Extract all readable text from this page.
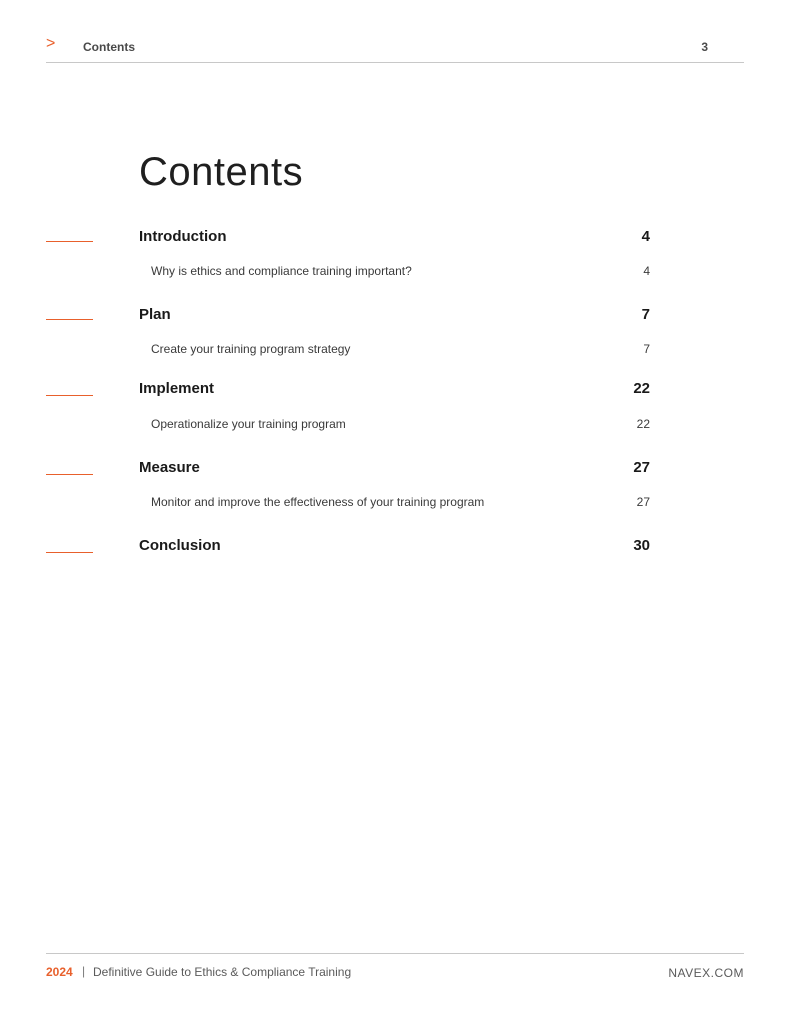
> Contents	3
Contents
Introduction	4
Why is ethics and compliance training important?	4
Plan	7
Create your training program strategy	7
Implement	22
Operationalize your training program	22
Measure	27
Monitor and improve the effectiveness of your training program	27
Conclusion	30
2024 | Definitive Guide to Ethics & Compliance Training	NAVEX.COM
